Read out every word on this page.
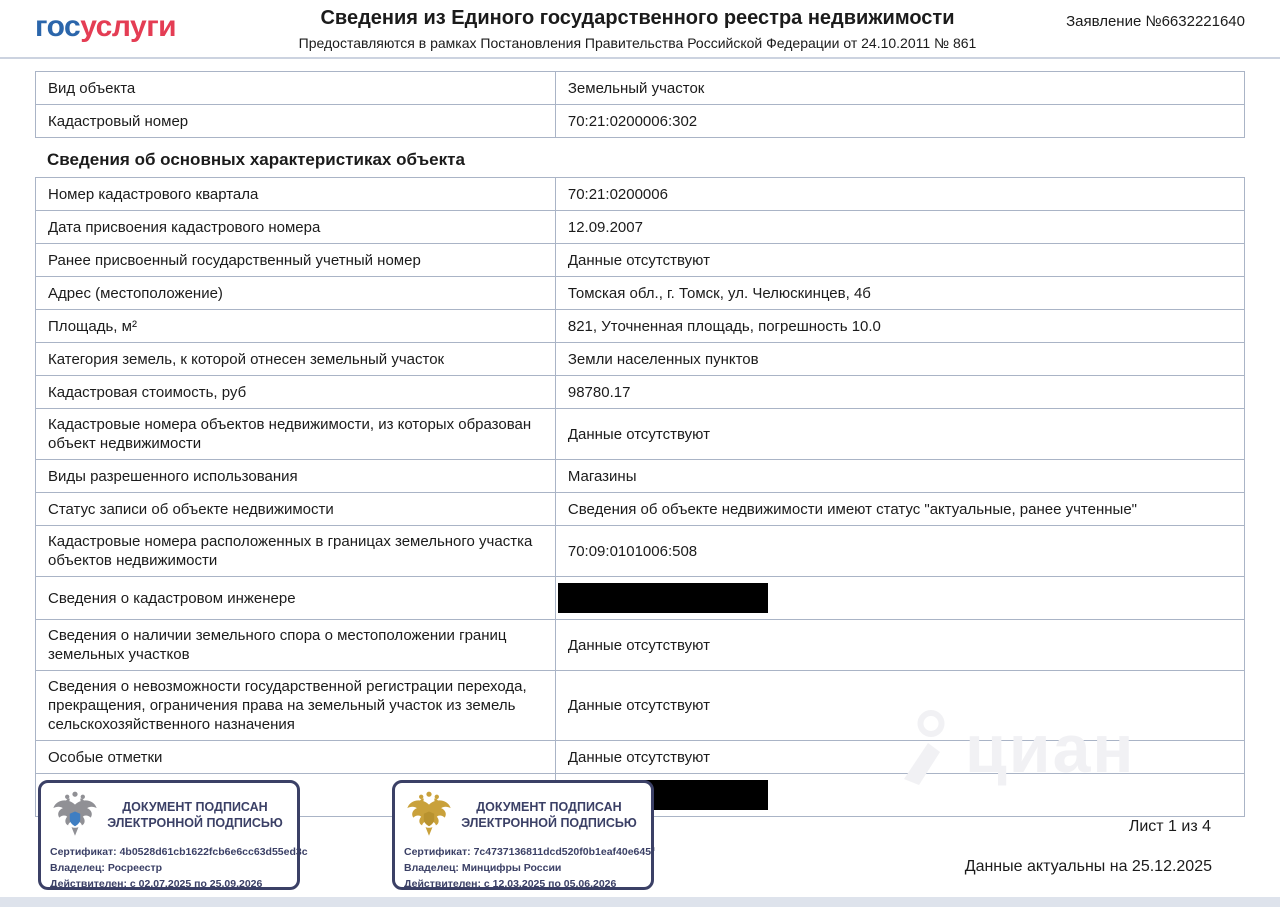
госуслуги	Сведения из Единого государственного реестра недвижимости
Предоставляются в рамках Постановления Правительства Российской Федерации от 24.10.2011 № 861
Заявление №6632221640
Вид объекта	Земельный участок
Кадастровый номер	70:21:0200006:302
Сведения об основных характеристиках объекта
Номер кадастрового квартала	70:21:0200006
Дата присвоения кадастрового номера	12.09.2007
Ранее присвоенный государственный учетный номер	Данные отсутствуют
Адрес (местоположение)	Томская обл., г. Томск, ул. Челюскинцев, 4б
Площадь, м²	821, Уточненная площадь, погрешность 10.0
Категория земель, к которой отнесен земельный участок	Земли населенных пунктов
Кадастровая стоимость, руб	98780.17
Кадастровые номера объектов недвижимости, из которых образован объект недвижимости	Данные отсутствуют
Виды разрешенного использования	Магазины
Статус записи об объекте недвижимости	Сведения об объекте недвижимости имеют статус "актуальные, ранее учтенные"
Кадастровые номера расположенных в границах земельного участка объектов недвижимости	70:09:0101006:508
Сведения о кадастровом инженере	

Сведения о наличии земельного спора о местоположении границ земельных участков	Данные отсутствуют
Сведения о невозможности государственной регистрации перехода, прекращения, ограничения права на земельный участок из земель сельскохозяйственного назначения	Данные отсутствуют
Особые отметки	Данные отсутствуют
		циан
ДОКУМЕНТ ПОДПИСАН ЭЛЕКТРОННОЙ ПОДПИСЬЮ
Сертификат: 4b0528d61cb1622fcb6e6cc63d55ed3c
Владелец: Росреестр
Действителен: с 02.07.2025 по 25.09.2026
ДОКУМЕНТ ПОДПИСАН ЭЛЕКТРОННОЙ ПОДПИСЬЮ
Сертификат: 7c4737136811dcd520f0b1eaf40e645f
Владелец: Минцифры России
Действителен: с 12.03.2025 по 05.06.2026
Лист 1 из 4
Данные актуальны на 25.12.2025
